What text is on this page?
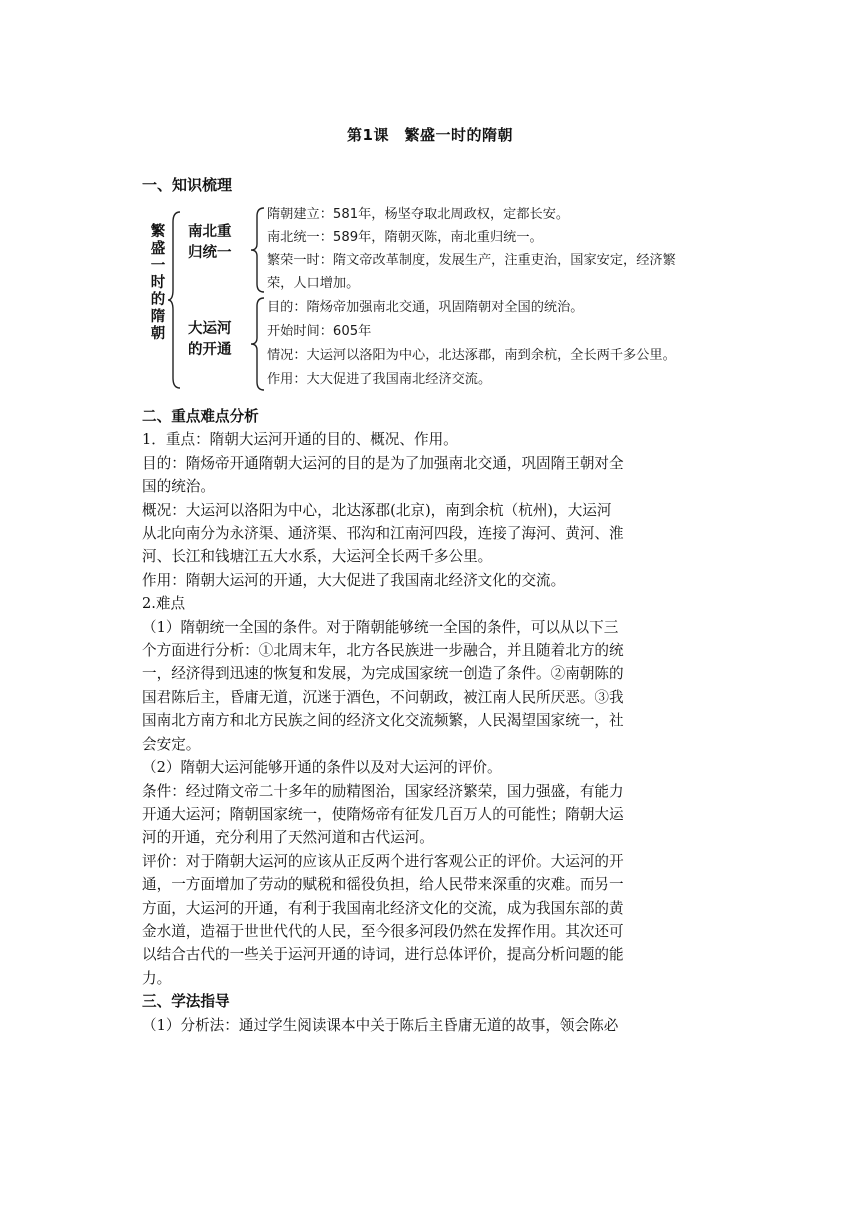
第1课　繁盛一时的隋朝
一、知识梳理
繁
盛
一
时
的
隋
朝
南北重
归统一
隋朝建立：581年，杨坚夺取北周政权，定都长安。
南北统一：589年，隋朝灭陈，南北重归统一。
繁荣一时：隋文帝改革制度，发展生产，注重吏治，国家安定，经济繁
荣，人口增加。
大运河
的开通
目的：隋炀帝加强南北交通，巩固隋朝对全国的统治。
开始时间：605年
情况：大运河以洛阳为中心，北达涿郡，南到余杭，全长两千多公里。
作用：大大促进了我国南北经济交流。

二、重点难点分析

1．重点：隋朝大运河开通的目的、概况、作用。

目的：隋炀帝开通隋朝大运河的目的是为了加强南北交通，巩固隋王朝对全

国的统治。

概况：大运河以洛阳为中心，北达涿郡(北京)，南到余杭（杭州)，大运河

从北向南分为永济渠、通济渠、邗沟和江南河四段，连接了海河、黄河、淮

河、长江和钱塘江五大水系，大运河全长两千多公里。

作用：隋朝大运河的开通，大大促进了我国南北经济文化的交流。

2.难点

（1）隋朝统一全国的条件。对于隋朝能够统一全国的条件，可以从以下三

个方面进行分析：①北周末年，北方各民族进一步融合，并且随着北方的统

一，经济得到迅速的恢复和发展，为完成国家统一创造了条件。②南朝陈的

国君陈后主，昏庸无道，沉迷于酒色，不问朝政，被江南人民所厌恶。③我

国南北方南方和北方民族之间的经济文化交流频繁，人民渴望国家统一，社

会安定。

（2）隋朝大运河能够开通的条件以及对大运河的评价。

条件：经过隋文帝二十多年的励精图治，国家经济繁荣，国力强盛，有能力

开通大运河；隋朝国家统一，使隋炀帝有征发几百万人的可能性；隋朝大运

河的开通，充分利用了天然河道和古代运河。

评价：对于隋朝大运河的应该从正反两个进行客观公正的评价。大运河的开

通，一方面增加了劳动的赋税和徭役负担，给人民带来深重的灾难。而另一

方面，大运河的开通，有利于我国南北经济文化的交流，成为我国东部的黄

金水道，造福于世世代代的人民，至今很多河段仍然在发挥作用。其次还可

以结合古代的一些关于运河开通的诗词，进行总体评价，提高分析问题的能

力。

三、学法指导

（1）分析法：通过学生阅读课本中关于陈后主昏庸无道的故事，领会陈必
